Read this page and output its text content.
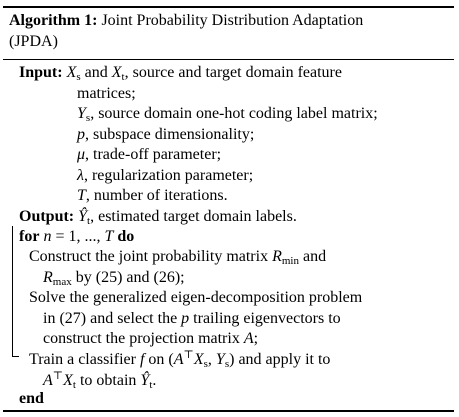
Algorithm 1: Joint Probability Distribution Adaptation
(JPDA)
Input: $X_s$ and $X_t$, source and target domain feature
matrices;
$Y_s$, source domain one-hot coding label matrix;
p, subspace dimensionality;
μ, trade-off parameter;
λ, regularization parameter;
T, number of iterations.
Output: $Ŷ_t$, estimated target domain labels.
for n = 1, ..., T do
Construct the joint probability matrix $R_{min}$ and
$R_{max}$ by (25) and (26);
Solve the generalized eigen-decomposition problem
in (27) and select the p trailing eigenvectors to
construct the projection matrix A;
Train a classifier f on ($A^⊤X_s$, $Y_s$) and apply it to
$A^⊤X_t$ to obtain $Ŷ_t$.
end
